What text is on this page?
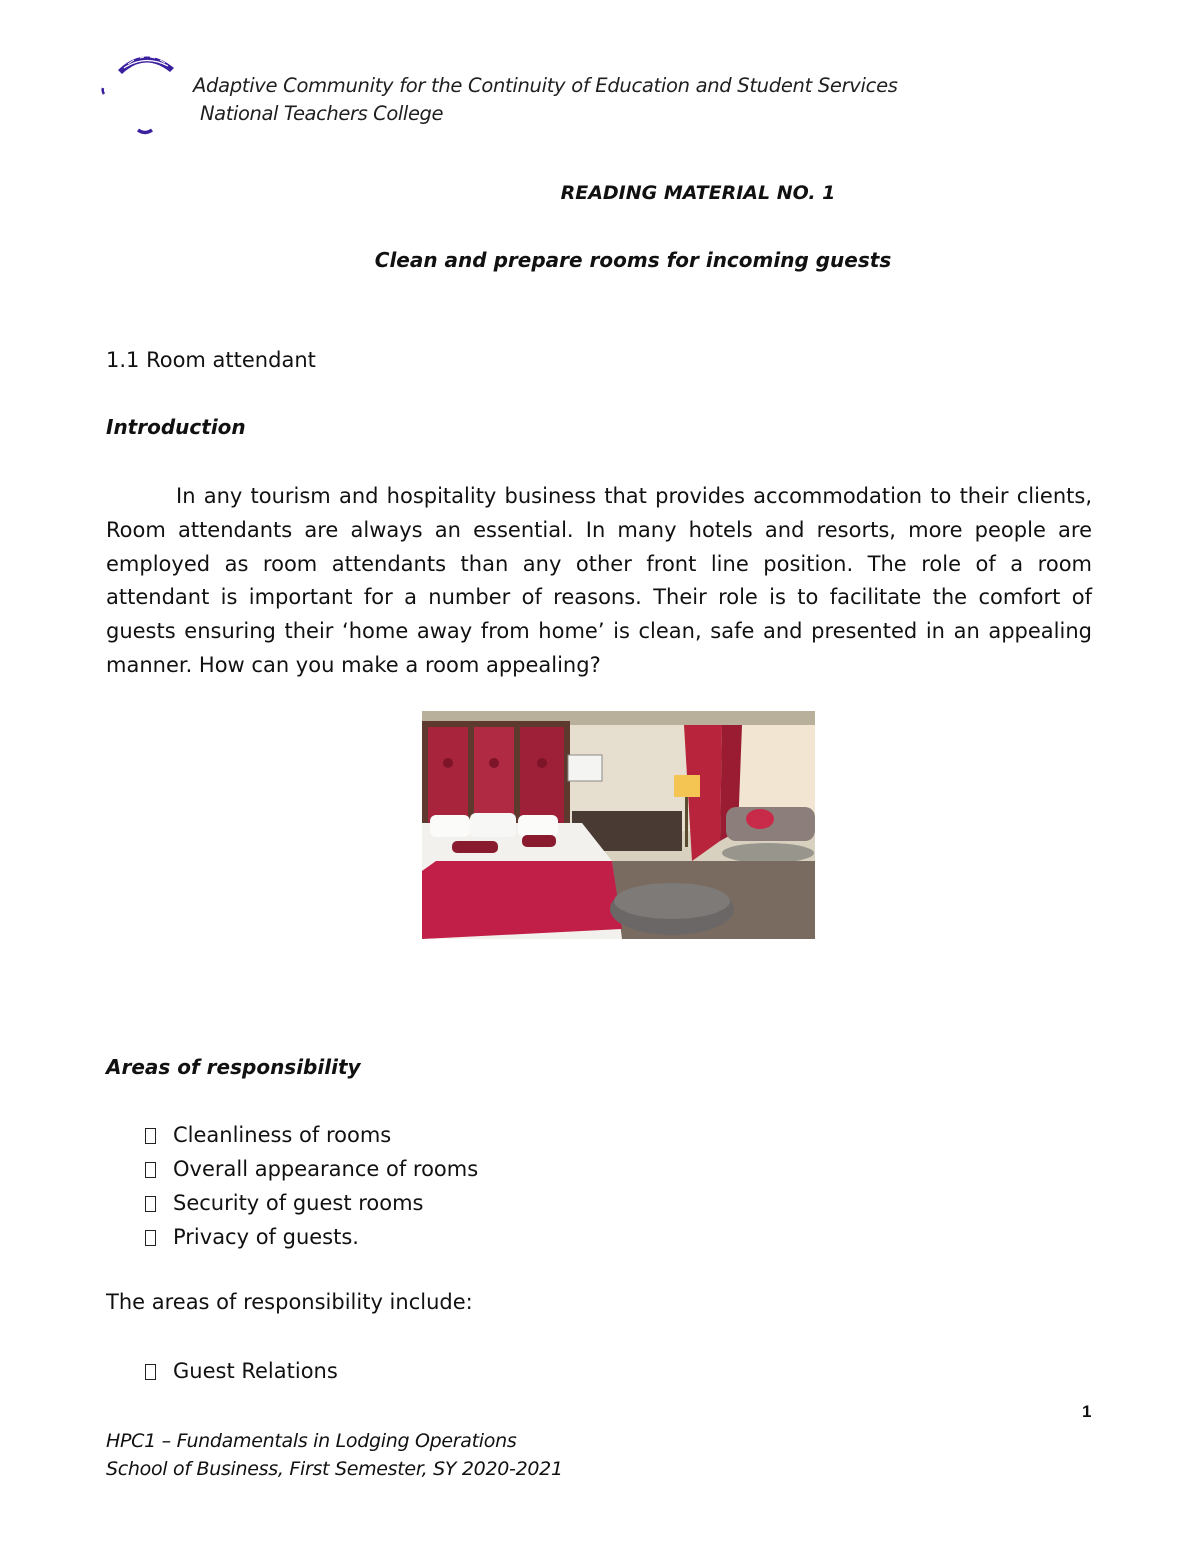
Adaptive Community for the Continuity of Education and Student Services
National Teachers College
READING MATERIAL NO. 1
Clean and prepare rooms for incoming guests
1.1 Room attendant
Introduction
In any tourism and hospitality business that provides accommodation to their clients, Room attendants are always an essential. In many hotels and resorts, more people are employed as room attendants than any other front line position. The role of a room attendant is important for a number of reasons. Their role is to facilitate the comfort of guests ensuring their ‘home away from home’ is clean, safe and presented in an appealing manner. How can you make a room appealing?
Areas of responsibility
Cleanliness of rooms
Overall appearance of rooms
Security of guest rooms
Privacy of guests.
The areas of responsibility include:
Guest Relations
1
HPC1 – Fundamentals in Lodging Operations
School of Business, First Semester, SY 2020-2021
